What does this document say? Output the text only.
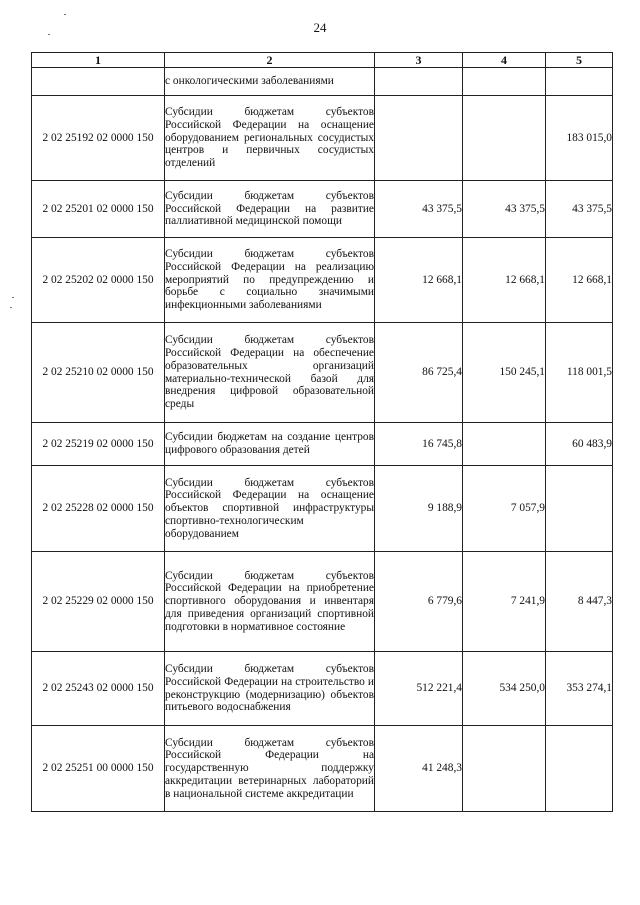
24
1	2	3	4	5
	с онкологическими заболеваниями			
2 02 25192 02 0000 150	Субсидии бюджетам субъектов Российской Федерации на оснащение оборудованием региональных сосудистых центров и первичных сосудистых отделений			183 015,0
2 02 25201 02 0000 150	Субсидии бюджетам субъектов Российской Федерации на развитие паллиативной медицинской помощи	43 375,5	43 375,5	43 375,5
2 02 25202 02 0000 150	Субсидии бюджетам субъектов Российской Федерации на реализацию мероприятий по предупреждению и борьбе с социально значимыми инфекционными заболеваниями	12 668,1	12 668,1	12 668,1
2 02 25210 02 0000 150	Субсидии бюджетам субъектов Российской Федерации на обеспечение образовательных организаций материально-технической базой для внедрения цифровой образовательной среды	86 725,4	150 245,1	118 001,5
2 02 25219 02 0000 150	Субсидии бюджетам на создание центров цифрового образования детей	16 745,8		60 483,9
2 02 25228 02 0000 150	Субсидии бюджетам субъектов Российской Федерации на оснащение объектов спортивной инфраструктуры спортивно-технологическим оборудованием	9 188,9	7 057,9	
2 02 25229 02 0000 150	Субсидии бюджетам субъектов Российской Федерации на приобретение спортивного оборудования и инвентаря для приведения организаций спортивной подготовки в нормативное состояние	6 779,6	7 241,9	8 447,3
2 02 25243 02 0000 150	Субсидии бюджетам субъектов Российской Федерации на строительство и реконструкцию (модернизацию) объектов питьевого водоснабжения	512 221,4	534 250,0	353 274,1
2 02 25251 00 0000 150	Субсидии бюджетам субъектов Российской Федерации на государственную поддержку аккредитации ветеринарных лабораторий в национальной системе аккредитации	41 248,3		
